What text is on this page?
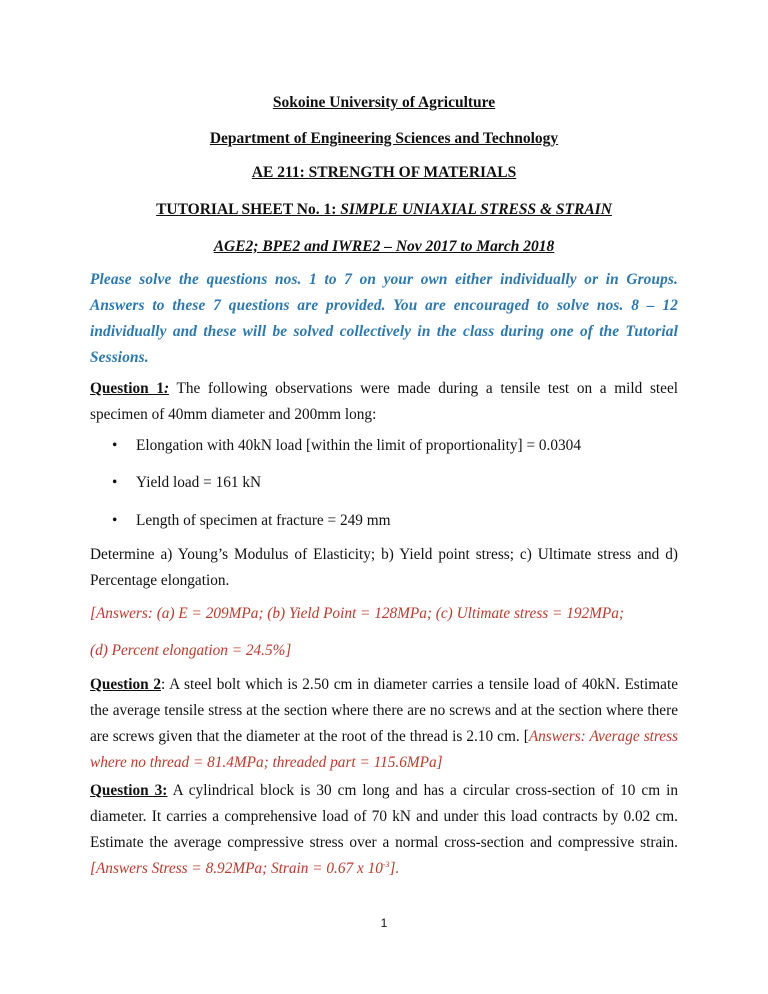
Sokoine University of Agriculture
Department of Engineering Sciences and Technology
AE 211: STRENGTH OF MATERIALS
TUTORIAL SHEET No. 1: SIMPLE UNIAXIAL STRESS & STRAIN
AGE2; BPE2 and IWRE2 – Nov 2017 to March 2018
Please solve the questions nos. 1 to 7 on your own either individually or in Groups. Answers to these 7 questions are provided. You are encouraged to solve nos. 8 – 12 individually and these will be solved collectively in the class during one of the Tutorial Sessions.
Question 1: The following observations were made during a tensile test on a mild steel specimen of 40mm diameter and 200mm long:
• Elongation with 40kN load [within the limit of proportionality] = 0.0304
• Yield load = 161 kN
• Length of specimen at fracture = 249 mm
Determine a) Young’s Modulus of Elasticity; b) Yield point stress; c) Ultimate stress and d) Percentage elongation.
[Answers: (a) E = 209MPa; (b) Yield Point = 128MPa; (c) Ultimate stress = 192MPa;
(d) Percent elongation = 24.5%]
Question 2: A steel bolt which is 2.50 cm in diameter carries a tensile load of 40kN. Estimate the average tensile stress at the section where there are no screws and at the section where there are screws given that the diameter at the root of the thread is 2.10 cm. [Answers: Average stress where no thread = 81.4MPa; threaded part = 115.6MPa]
Question 3: A cylindrical block is 30 cm long and has a circular cross-section of 10 cm in diameter. It carries a comprehensive load of 70 kN and under this load contracts by 0.02 cm. Estimate the average compressive stress over a normal cross-section and compressive strain. [Answers Stress = 8.92MPa; Strain = 0.67 x $10^{-3}$].
1
